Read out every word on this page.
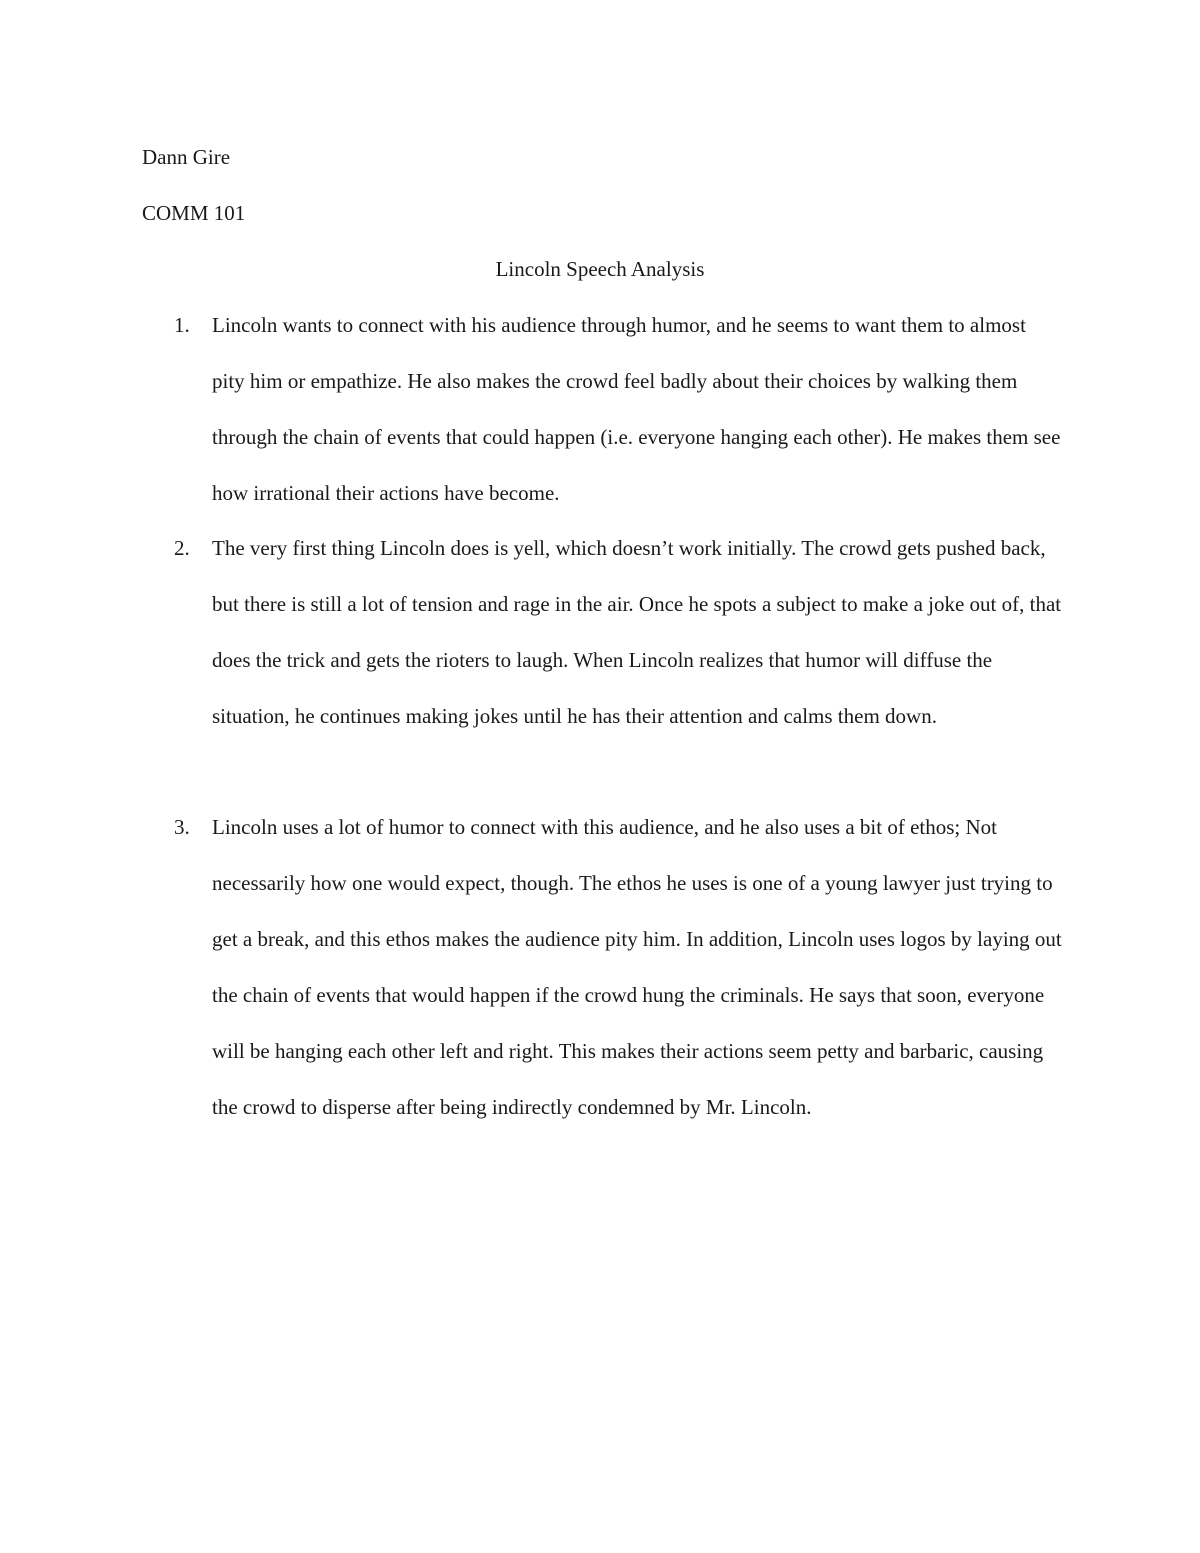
Dann Gire
COMM 101
Lincoln Speech Analysis
1. Lincoln wants to connect with his audience through humor, and he seems to want them to almost pity him or empathize. He also makes the crowd feel badly about their choices by walking them through the chain of events that could happen (i.e. everyone hanging each other). He makes them see how irrational their actions have become.
2. The very first thing Lincoln does is yell, which doesn’t work initially. The crowd gets pushed back, but there is still a lot of tension and rage in the air. Once he spots a subject to make a joke out of, that does the trick and gets the rioters to laugh. When Lincoln realizes that humor will diffuse the situation, he continues making jokes until he has their attention and calms them down.
3. Lincoln uses a lot of humor to connect with this audience, and he also uses a bit of ethos; Not necessarily how one would expect, though. The ethos he uses is one of a young lawyer just trying to get a break, and this ethos makes the audience pity him. In addition, Lincoln uses logos by laying out the chain of events that would happen if the crowd hung the criminals. He says that soon, everyone will be hanging each other left and right. This makes their actions seem petty and barbaric, causing the crowd to disperse after being indirectly condemned by Mr. Lincoln.
